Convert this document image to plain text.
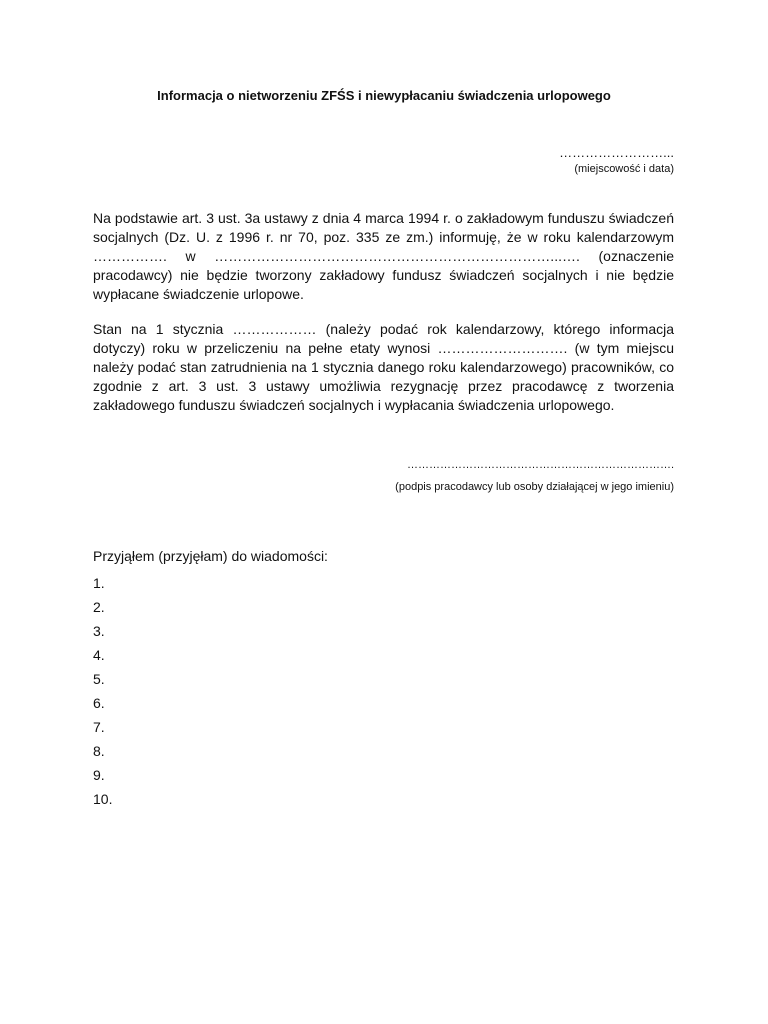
Informacja o nietworzeniu ZFŚS i niewypłacaniu świadczenia urlopowego
……………………...
(miejscowość i data)
Na podstawie art. 3 ust. 3a ustawy z dnia 4 marca 1994 r. o zakładowym funduszu świadczeń socjalnych (Dz. U. z 1996 r. nr 70, poz. 335 ze zm.) informuję, że w roku kalendarzowym ……………. w ………………………………………………………………...…. (oznaczenie pracodawcy) nie będzie tworzony zakładowy fundusz świadczeń socjalnych i nie będzie wypłacane świadczenie urlopowe.
Stan na 1 stycznia ……………… (należy podać rok kalendarzowy, którego informacja dotyczy) roku w przeliczeniu na pełne etaty wynosi ………………………. (w tym miejscu należy podać stan zatrudnienia na 1 stycznia danego roku kalendarzowego) pracowników, co zgodnie z art. 3 ust. 3 ustawy umożliwia rezygnację przez pracodawcę z tworzenia zakładowego funduszu świadczeń socjalnych i wypłacania świadczenia urlopowego.
……………………………………………………………….
(podpis pracodawcy lub osoby działającej w jego imieniu)
Przyjąłem (przyjęłam) do wiadomości:
1.
2.
3.
4.
5.
6.
7.
8.
9.
10.
